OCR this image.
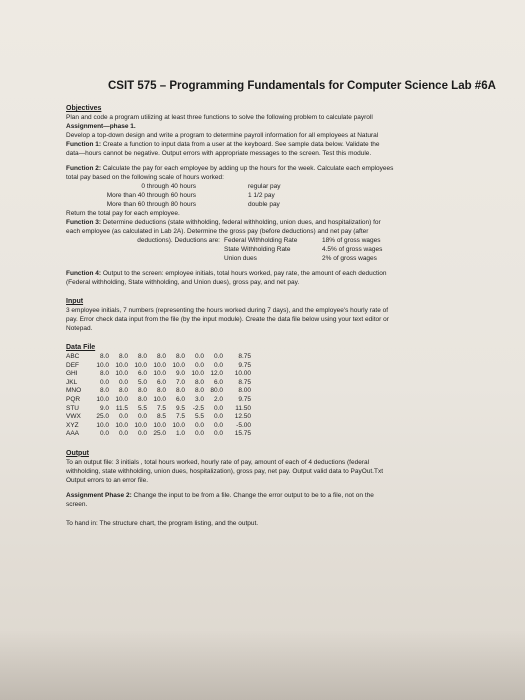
CSIT 575 – Programming Fundamentals for Computer Science Lab #6A

Objectives

Plan and code a program utilizing at least three functions to solve the following problem to calculate payroll

Assignment—phase 1.

Develop a top-down design and write a program to determine payroll information for all employees at Natural

Function 1: Create a function to input data from a user at the keyboard. See sample data below. Validate the

data—hours cannot be negative. Output errors with appropriate messages to the screen. Test this module.

Function 2: Calculate the pay for each employee by adding up the hours for the week. Calculate each employees

total pay based on the following scale of hours worked:

0 through 40 hours	regular pay
More than 40 through 60 hours	1 1/2 pay
More than 60 through 80 hours	double pay

Return the total pay for each employee.

Function 3: Determine deductions (state withholding, federal withholding, union dues, and hospitalization) for

each employee (as calculated in Lab 2A). Determine the gross pay (before deductions) and net pay (after

deductions). Deductions are: Federal Withholding Rate	18% of gross wages
State Withholding Rate	4.5% of gross wages
Union dues	2% of gross wages

Function 4: Output to the screen: employee initials, total hours worked, pay rate, the amount of each deduction

(Federal withholding, State withholding, and Union dues), gross pay, and net pay.

Input

3 employee initials, 7 numbers (representing the hours worked during 7 days), and the employee's hourly rate of

pay. Error check data input from the file (by the input module). Create the data file below using your text editor or

Notepad.

Data File

ABC	8.0	8.0	8.0	8.0	8.0	0.0	0.0	8.75
DEF	10.0	10.0	10.0	10.0	10.0	0.0	0.0	9.75
GHI	8.0	10.0	6.0	10.0	9.0	10.0	12.0	10.00
JKL	0.0	0.0	5.0	6.0	7.0	8.0	6.0	8.75
MNO	8.0	8.0	8.0	8.0	8.0	8.0	80.0	8.00
PQR	10.0	10.0	8.0	10.0	6.0	3.0	2.0	9.75
STU	9.0	11.5	5.5	7.5	9.5	-2.5	0.0	11.50
VWX	25.0	0.0	0.0	8.5	7.5	5.5	0.0	12.50
XYZ	10.0	10.0	10.0	10.0	10.0	0.0	0.0	-5.00
AAA	0.0	0.0	0.0	25.0	1.0	0.0	0.0	15.75

Output

To an output file: 3 initials , total hours worked, hourly rate of pay, amount of each of 4 deductions (federal

withholding, state withholding, union dues, hospitalization), gross pay, net pay. Output valid data to PayOut.Txt

Output errors to an error file.

Assignment Phase 2: Change the input to be from a file. Change the error output to be to a file, not on the

screen.

To hand in: The structure chart, the program listing, and the output.
